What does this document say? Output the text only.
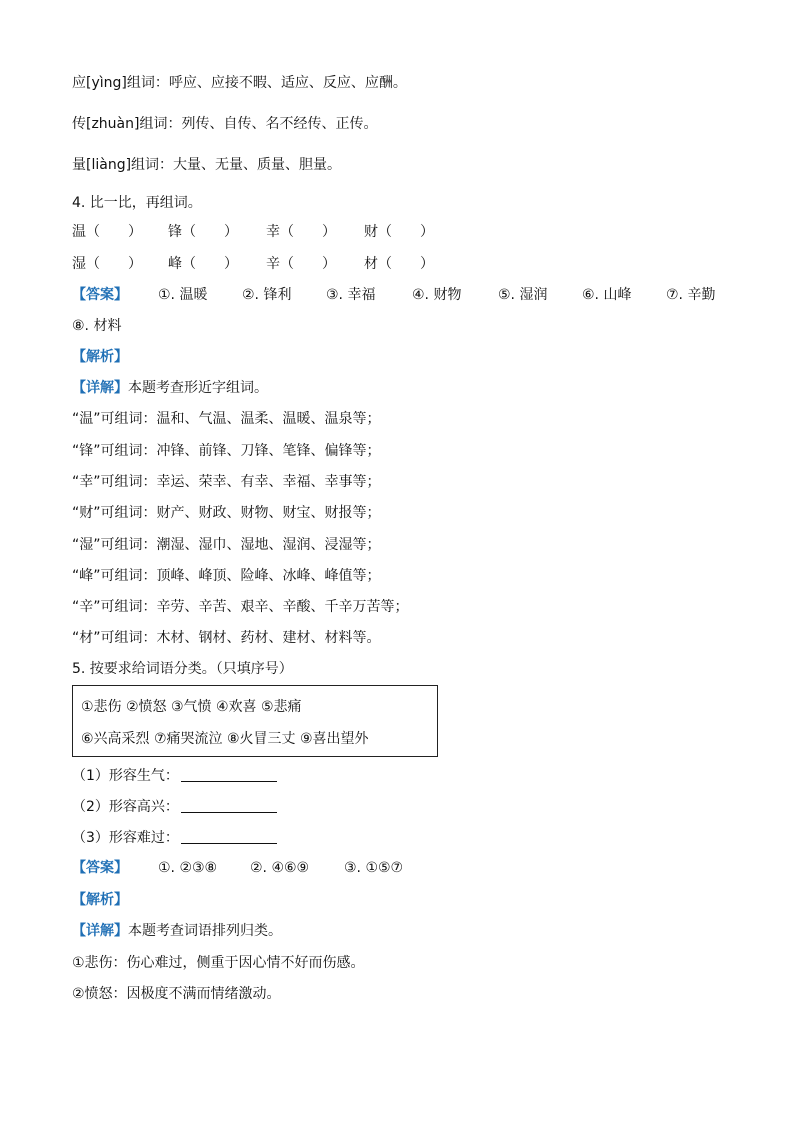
应[yìng]组词：呼应、应接不暇、适应、反应、应酬。
传[zhuàn]组词：列传、自传、名不经传、正传。
量[liàng]组词：大量、无量、质量、胆量。
4. 比一比，再组词。
温（　　） 锋（　　） 幸（　　） 财（　　）
湿（　　） 峰（　　） 辛（　　） 材（　　）
【答案】 ①. 温暖 ②. 锋利 ③. 幸福	④. 财物	⑤. 湿润 ⑥. 山峰 ⑦. 辛勤
⑧. 材料
【解析】
【详解】本题考查形近字组词。
“温”可组词：温和、气温、温柔、温暖、温泉等；
“锋”可组词：冲锋、前锋、刀锋、笔锋、偏锋等；
“幸”可组词：幸运、荣幸、有幸、幸福、幸事等；
“财”可组词：财产、财政、财物、财宝、财报等；
“湿”可组词：潮湿、湿巾、湿地、湿润、浸湿等；
“峰”可组词：顶峰、峰顶、险峰、冰峰、峰值等；
“辛”可组词：辛劳、辛苦、艰辛、辛酸、千辛万苦等；
“材”可组词：木材、钢材、药材、建材、材料等。
5. 按要求给词语分类。（只填序号）
①悲伤 ②愤怒 ③气愤 ④欢喜 ⑤悲痛
⑥兴高采烈 ⑦痛哭流泣 ⑧火冒三丈 ⑨喜出望外
（1）形容生气：
（2）形容高兴：
（3）形容难过：
【答案】 ①. ②③⑧ ②. ④⑥⑨ ③. ①⑤⑦
【解析】
【详解】本题考查词语排列归类。
①悲伤：伤心难过，侧重于因心情不好而伤感。
②愤怒：因极度不满而情绪激动。
